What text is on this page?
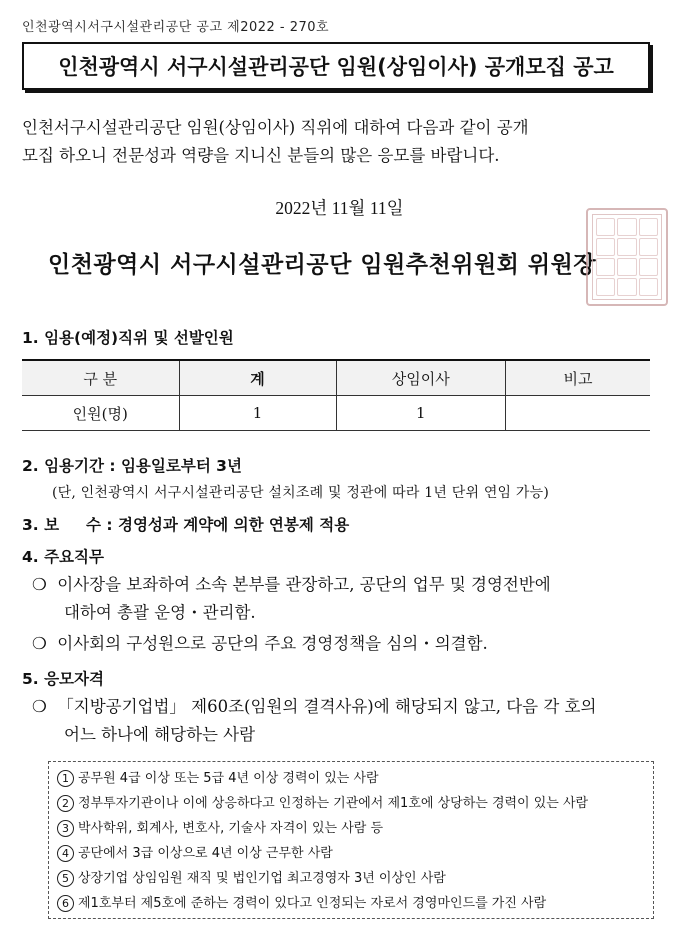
인천광역시서구시설관리공단 공고 제2022 - 270호
인천광역시 서구시설관리공단 임원(상임이사) 공개모집 공고
인천서구시설관리공단 임원(상임이사) 직위에 대하여 다음과 같이 공개
모집 하오니 전문성과 역량을 지니신 분들의 많은 응모를 바랍니다.
2022년 11월 11일
인천광역시 서구시설관리공단 임원추천위원회 위원장
1. 임용(예정)직위 및 선발인원
구 분	계	상임이사	비고
인원(명)	1	1	
2. 임용기간 : 임용일로부터 3년
(단, 인천광역시 서구시설관리공단 설치조례 및 정관에 따라 1년 단위 연임 가능)
3. 보     수 : 경영성과 계약에 의한 연봉제 적용
4. 주요직무
❍ 이사장을 보좌하여 소속 본부를 관장하고, 공단의 업무 및 경영전반에
대하여 총괄 운영・관리함.
❍ 이사회의 구성원으로 공단의 주요 경영정책을 심의・의결함.
5. 응모자격
❍ 「지방공기업법」 제60조(임원의 결격사유)에 해당되지 않고, 다음 각 호의
어느 하나에 해당하는 사람
1 공무원 4급 이상 또는 5급 4년 이상 경력이 있는 사람
2 정부투자기관이나 이에 상응하다고 인정하는 기관에서 제1호에 상당하는 경력이 있는 사람
3 박사학위, 회계사, 변호사, 기술사 자격이 있는 사람 등
4 공단에서 3급 이상으로 4년 이상 근무한 사람
5 상장기업 상임임원 재직 및 법인기업 최고경영자 3년 이상인 사람
6 제1호부터 제5호에 준하는 경력이 있다고 인정되는 자로서 경영마인드를 가진 사람
